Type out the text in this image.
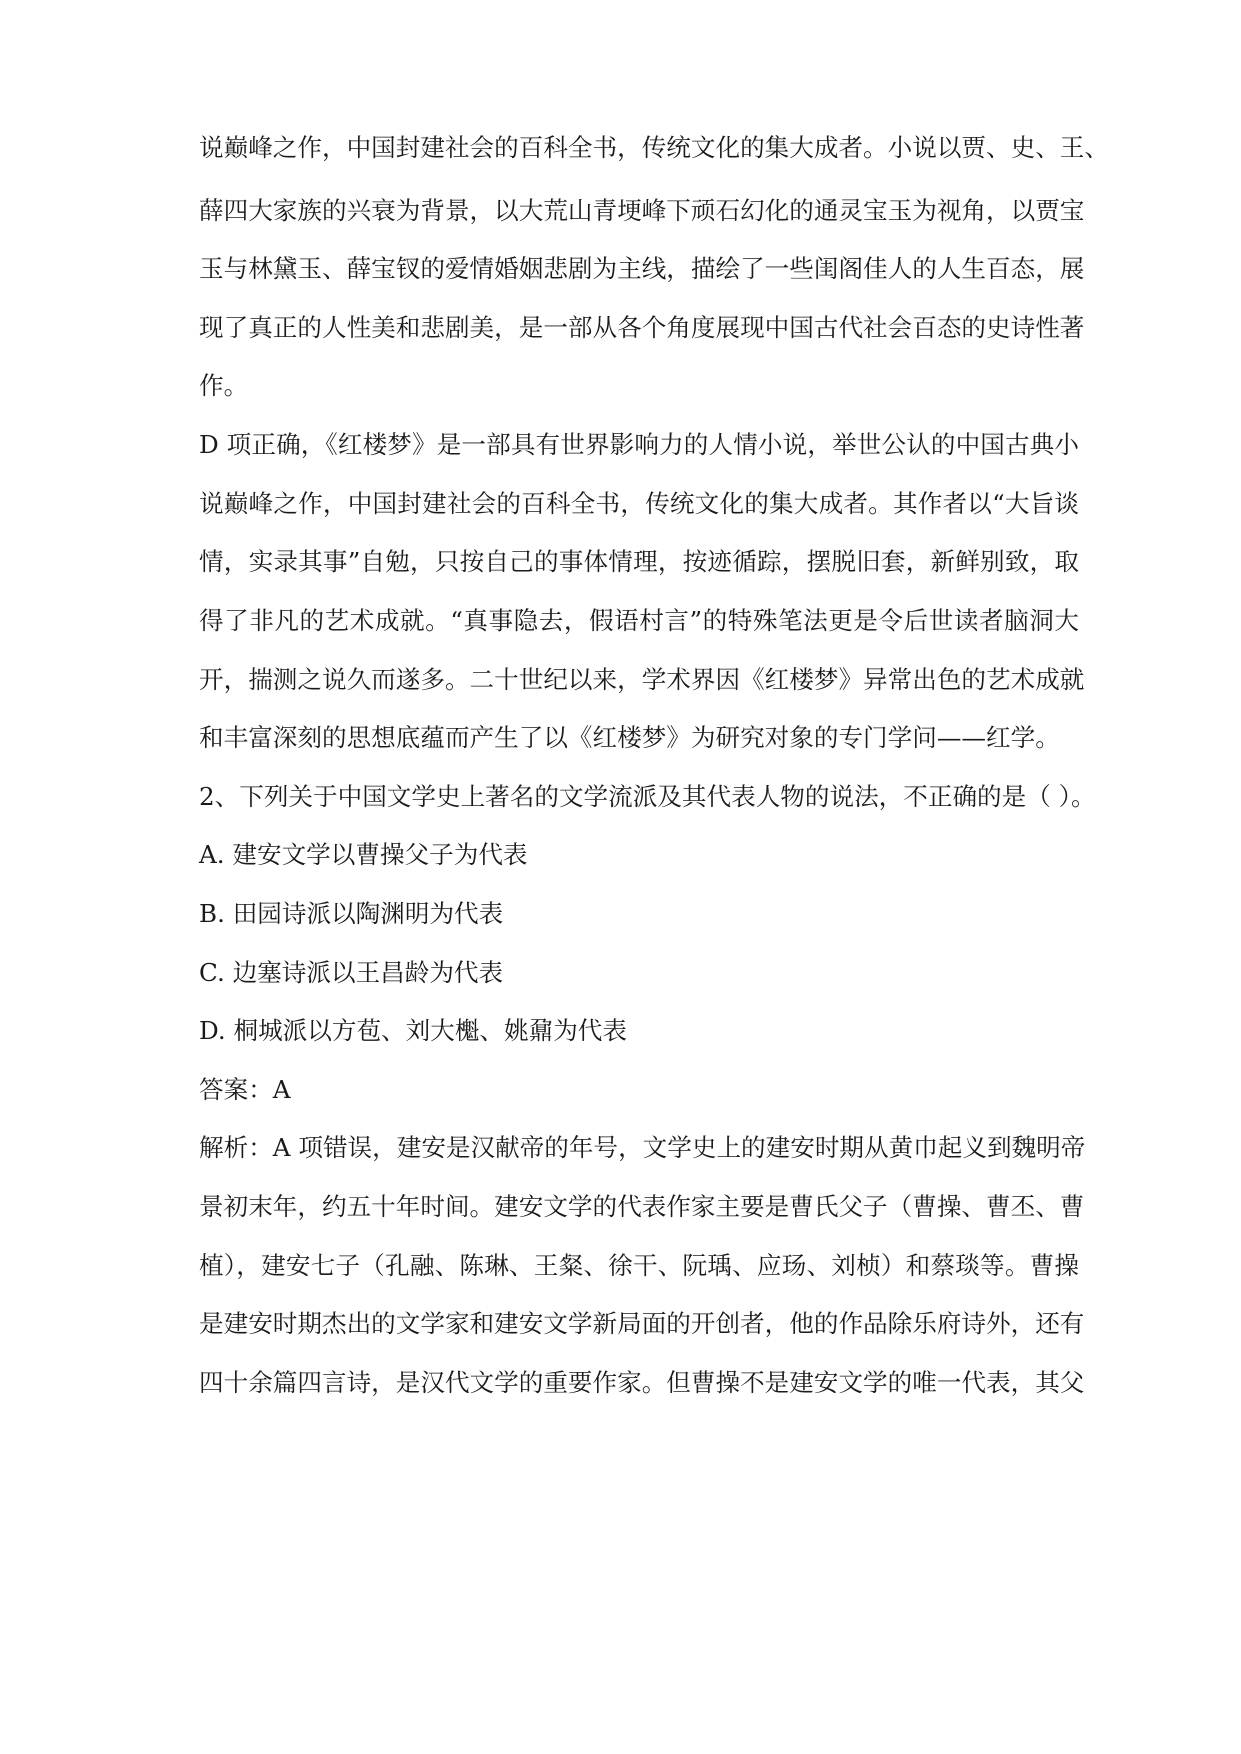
说巅峰之作，中国封建社会的百科全书，传统文化的集大成者。小说以贾、史、王、
薛四大家族的兴衰为背景，以大荒山青埂峰下顽石幻化的通灵宝玉为视角，以贾宝
玉与林黛玉、薛宝钗的爱情婚姻悲剧为主线，描绘了一些闺阁佳人的人生百态，展
现了真正的人性美和悲剧美，是一部从各个角度展现中国古代社会百态的史诗性著
作。
D 项正确，《红楼梦》是一部具有世界影响力的人情小说，举世公认的中国古典小
说巅峰之作，中国封建社会的百科全书，传统文化的集大成者。其作者以“大旨谈
情，实录其事”自勉，只按自己的事体情理，按迹循踪，摆脱旧套，新鲜别致，取
得了非凡的艺术成就。“真事隐去，假语村言”的特殊笔法更是令后世读者脑洞大
开，揣测之说久而遂多。二十世纪以来，学术界因《红楼梦》异常出色的艺术成就
和丰富深刻的思想底蕴而产生了以《红楼梦》为研究对象的专门学问——红学。
2、下列关于中国文学史上著名的文学流派及其代表人物的说法，不正确的是（ ）。
A. 建安文学以曹操父子为代表
B. 田园诗派以陶渊明为代表
C. 边塞诗派以王昌龄为代表
D. 桐城派以方苞、刘大櫆、姚鼐为代表
答案：A
解析：A 项错误，建安是汉献帝的年号，文学史上的建安时期从黄巾起义到魏明帝
景初末年，约五十年时间。建安文学的代表作家主要是曹氏父子（曹操、曹丕、曹
植），建安七子（孔融、陈琳、王粲、徐干、阮瑀、应玚、刘桢）和蔡琰等。曹操
是建安时期杰出的文学家和建安文学新局面的开创者，他的作品除乐府诗外，还有
四十余篇四言诗，是汉代文学的重要作家。但曹操不是建安文学的唯一代表，其父
